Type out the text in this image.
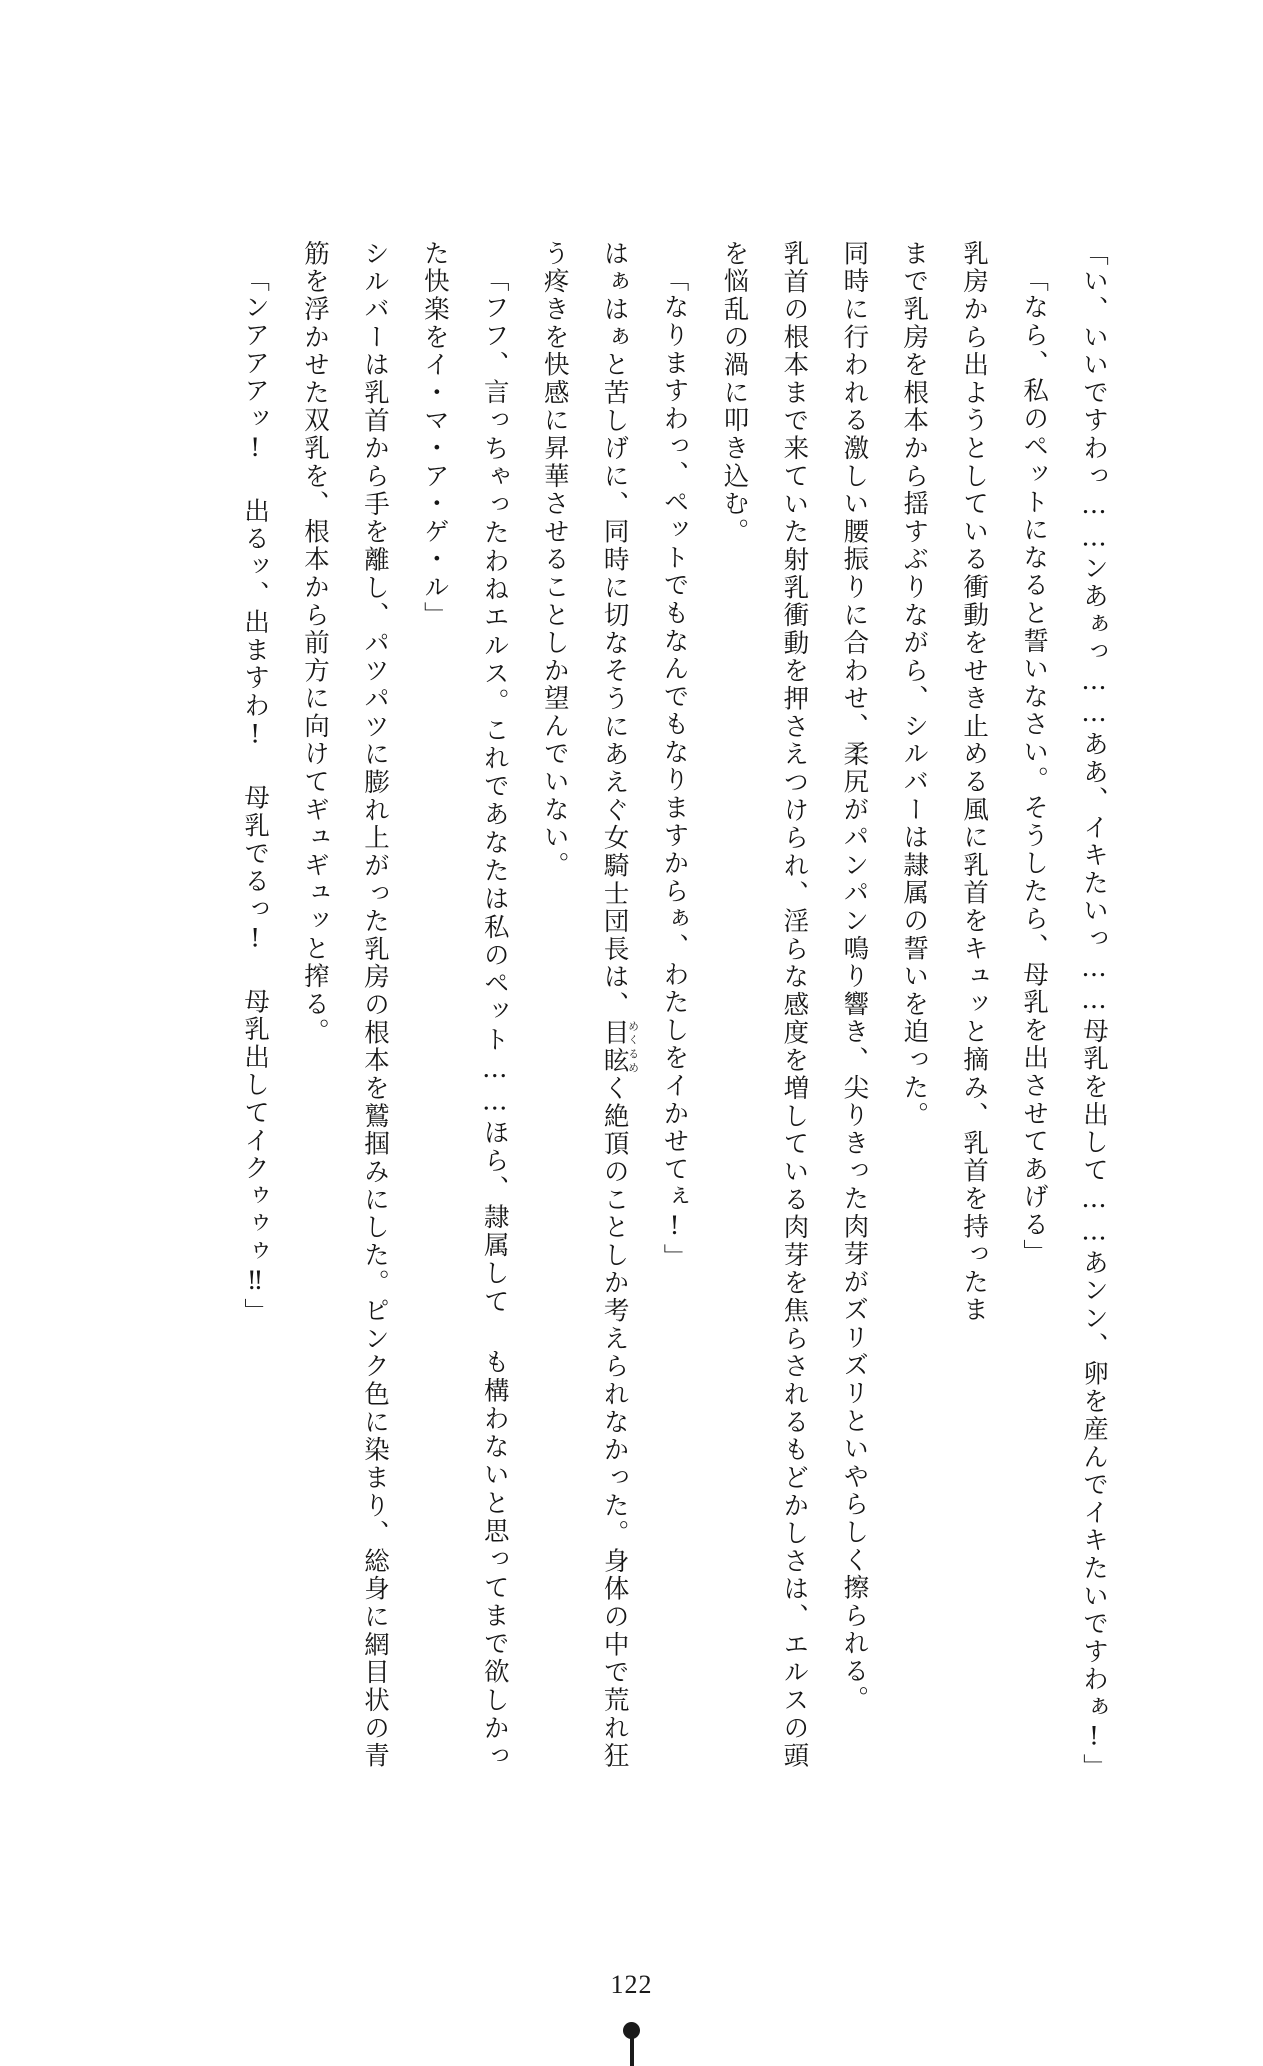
「い、いいですわっ……ンあぁっ……ああ、イキたいっ……母乳を出して……あンン、卵を産んでイキたいですわぁ!」

「なら、私のペットになると誓いなさい。そうしたら、母乳を出させてあげる」

乳房から出ようとしている衝動をせき止める風に乳首をキュッと摘み、乳首を持ったま

まで乳房を根本から揺すぶりながら、シルバーは隷属の誓いを迫った。

同時に行われる激しい腰振りに合わせ、柔尻がパンパン鳴り響き、尖りきった肉芽がズリズリといやらしく擦られる。

乳首の根本まで来ていた射乳衝動を押さえつけられ、淫らな感度を増している肉芽を焦らされるもどかしさは、エルスの頭を悩乱の渦に叩き込む。

「なりますわっ、ペットでもなんでもなりますからぁ、わたしをイかせてぇ!」

はぁはぁと苦しげに、同時に切なそうにあえぐ女騎士団長は、目眩めくるめく絶頂のことしか考えられなかった。身体の中で荒れ狂う疼きを快感に昇華させることしか望んでいない。

「フフ、言っちゃったわねエルス。これであなたは私のペット……ほら、隷属して も構わないと思ってまで欲しかった快楽をイ・マ・ア・ゲ・ル」

シルバーは乳首から手を離し、パツパツに膨れ上がった乳房の根本を鷲掴みにした。ピンク色に染まり、総身に網目状の青筋を浮かせた双乳を、根本から前方に向けてギュギュッと搾る。

「ンアアアッ! 出るッ、出ますわ! 母乳でるっ! 母乳出してイクゥゥゥ‼」

122
